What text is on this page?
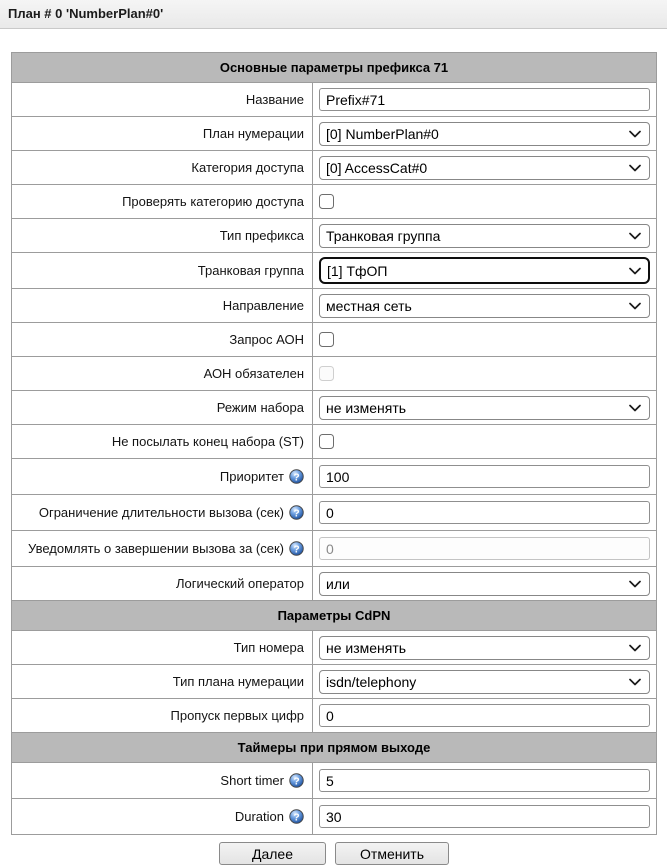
План # 0 'NumberPlan#0'
Основные параметры префикса 71
Название
Prefix#71
План нумерации
[0] NumberPlan#0
Категория доступа
[0] AccessCat#0
Проверять категорию доступа
Тип префикса
Транковая группа
Транковая группа
[1] ТфОП
Направление
местная сеть
Запрос АОН
АОН обязателен
Режим набора
не изменять
Не посылать конец набора (ST)
Приоритет ?
100
Ограничение длительности вызова (сек) ?
0
Уведомлять о завершении вызова за (сек) ?
0
Логический оператор
или
Параметры CdPN
Тип номера
не изменять
Тип плана нумерации
isdn/telephony
Пропуск первых цифр
0
Таймеры при прямом выходе
Short timer ?
5
Duration ?
30
Далее	Отменить
